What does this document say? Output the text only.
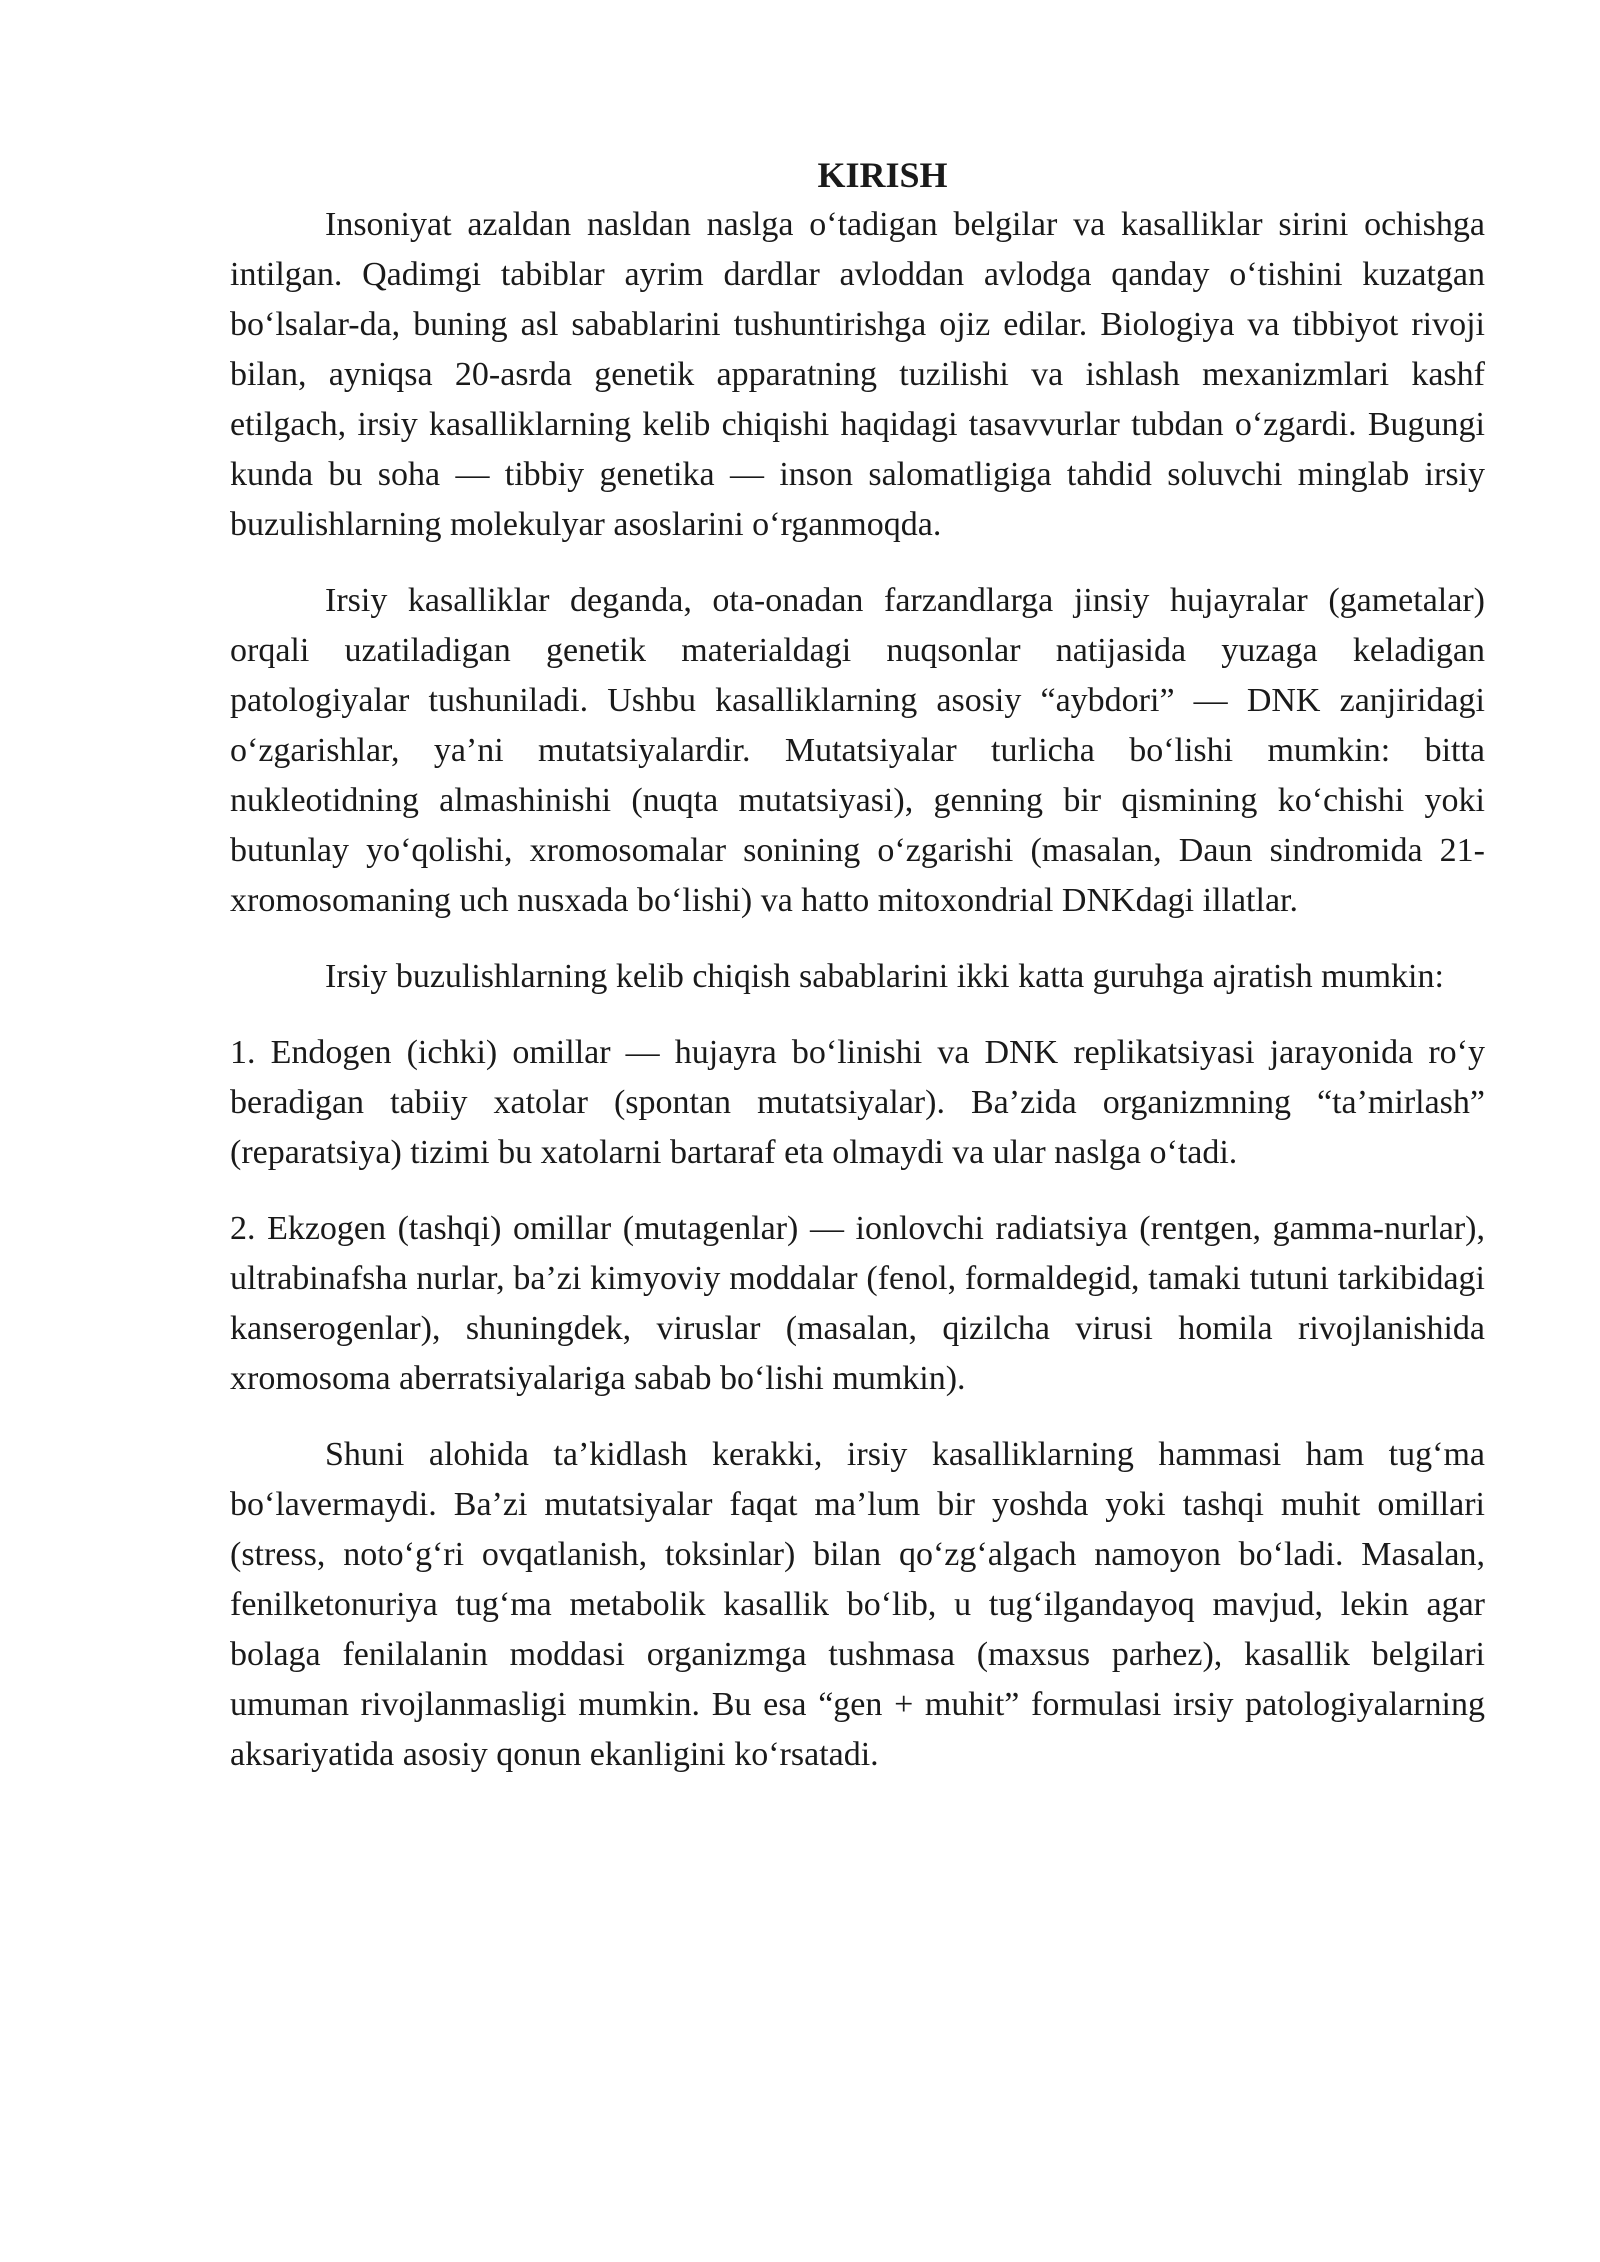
KIRISH

Insoniyat azaldan nasldan naslga o‘tadigan belgilar va kasalliklar sirini ochishga intilgan. Qadimgi tabiblar ayrim dardlar avloddan avlodga qanday o‘tishini kuzatgan bo‘lsalar-da, buning asl sabablarini tushuntirishga ojiz edilar. Biologiya va tibbiyot rivoji bilan, ayniqsa 20-asrda genetik apparatning tuzilishi va ishlash mexanizmlari kashf etilgach, irsiy kasalliklarning kelib chiqishi haqidagi tasavvurlar tubdan o‘zgardi. Bugungi kunda bu soha — tibbiy genetika — inson salomatligiga tahdid soluvchi minglab irsiy buzulishlarning molekulyar asoslarini o‘rganmoqda.

Irsiy kasalliklar deganda, ota-onadan farzandlarga jinsiy hujayralar (gametalar) orqali uzatiladigan genetik materialdagi nuqsonlar natijasida yuzaga keladigan patologiyalar tushuniladi. Ushbu kasalliklarning asosiy “aybdori” — DNK zanjiridagi o‘zgarishlar, ya’ni mutatsiyalardir. Mutatsiyalar turlicha bo‘lishi mumkin: bitta nukleotidning almashinishi (nuqta mutatsiyasi), genning bir qismining ko‘chishi yoki butunlay yo‘qolishi, xromosomalar sonining o‘zgarishi (masalan, Daun sindromida 21-xromosomaning uch nusxada bo‘lishi) va hatto mitoxondrial DNKdagi illatlar.

Irsiy buzulishlarning kelib chiqish sabablarini ikki katta guruhga ajratish mumkin:

1. Endogen (ichki) omillar — hujayra bo‘linishi va DNK replikatsiyasi jarayonida ro‘y beradigan tabiiy xatolar (spontan mutatsiyalar). Ba’zida organizmning “ta’mirlash” (reparatsiya) tizimi bu xatolarni bartaraf eta olmaydi va ular naslga o‘tadi.

2. Ekzogen (tashqi) omillar (mutagenlar) — ionlovchi radiatsiya (rentgen, gamma-nurlar), ultrabinafsha nurlar, ba’zi kimyoviy moddalar (fenol, formaldegid, tamaki tutuni tarkibidagi kanserogenlar), shuningdek, viruslar (masalan, qizilcha virusi homila rivojlanishida xromosoma aberratsiyalariga sabab bo‘lishi mumkin).

Shuni alohida ta’kidlash kerakki, irsiy kasalliklarning hammasi ham tug‘ma bo‘lavermaydi. Ba’zi mutatsiyalar faqat ma’lum bir yoshda yoki tashqi muhit omillari (stress, noto‘g‘ri ovqatlanish, toksinlar) bilan qo‘zg‘algach namoyon bo‘ladi. Masalan, fenilketonuriya tug‘ma metabolik kasallik bo‘lib, u tug‘ilgandayoq mavjud, lekin agar bolaga fenilalanin moddasi organizmga tushmasa (maxsus parhez), kasallik belgilari umuman rivojlanmasligi mumkin. Bu esa “gen + muhit” formulasi irsiy patologiyalarning aksariyatida asosiy qonun ekanligini ko‘rsatadi.
